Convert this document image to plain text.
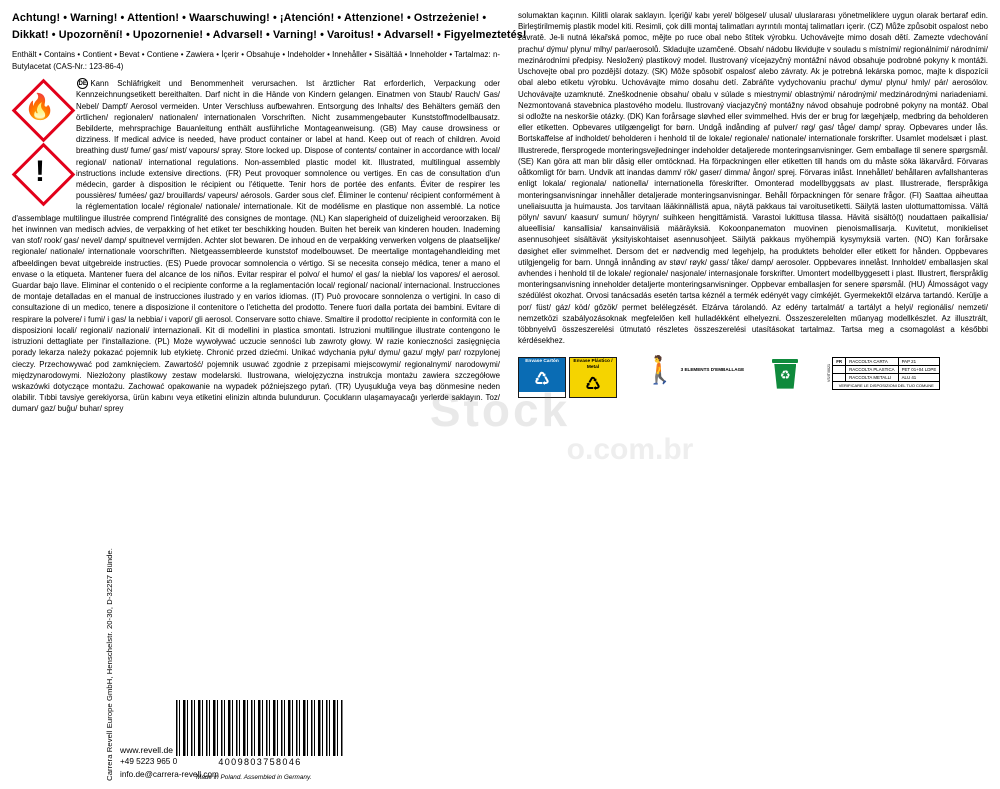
Achtung! • Warning! • Attention! • Waarschuwing! • ¡Atención! • Attenzione! • Ostrzeżenie! •
Dikkat! • Upozornění! • Upozornenie! • Advarsel! • Varning! • Varoitus! • Advarsel! • Figyelmeztetés!
Enthält • Contains • Contient • Bevat • Contiene • Zawiera • İçerir • Obsahuje • Indeholder • Innehåller • Sisältää • Inneholder • Tartalmaz: n-Butylacetat (CAS-Nr.: 123-86-4)
🔥
!
DE Kann Schläfrigkeit und Benommenheit verursachen. Ist ärztlicher Rat erforderlich, Verpackung oder Kennzeichnungsetikett bereithalten. Darf nicht in die Hände von Kindern gelangen. Einatmen von Staub/ Rauch/ Gas/ Nebel/ Dampf/ Aerosol vermeiden. Unter Verschluss aufbewahren. Entsorgung des Inhalts/ des Behälters gemäß den örtlichen/ regionalen/ nationalen/ internationalen Vorschriften. Nicht zusammengebauter Kunststoffmodellbausatz. Bebilderte, mehrsprachige Bauanleitung enthält ausführliche Montageanweisung. (GB) May cause drowsiness or dizziness. If medical advice is needed, have product container or label at hand. Keep out of reach of children. Avoid breathing dust/ fume/ gas/ mist/ vapours/ spray. Store locked up. Dispose of contents/ container in accordance with local/ regional/ national/ international regulations. Non-assembled plastic model kit. Illustrated, multilingual assembly instructions include extensive directions. (FR) Peut provoquer somnolence ou vertiges. En cas de consultation d'un médecin, garder à disposition le récipient ou l'étiquette. Tenir hors de portée des enfants. Éviter de respirer les poussières/ fumées/ gaz/ brouillards/ vapeurs/ aérosols. Garder sous clef. Éliminer le contenu/ récipient conformément à la réglementation locale/ régionale/ nationale/ internationale. Kit de modélisme en plastique non assemblé. La notice d'assemblage multilingue illustrée comprend l'intégralité des consignes de montage. (NL) Kan slaperigheid of duizeligheid veroorzaken. Bij het inwinnen van medisch advies, de verpakking of het etiket ter beschikking houden. Buiten het bereik van kinderen houden. Inademing van stof/ rook/ gas/ nevel/ damp/ spuitnevel vermijden. Achter slot bewaren. De inhoud en de verpakking verwerken volgens de plaatselijke/ regionale/ nationale/ internationale voorschriften. Nietgeassembleerde kunststof modelbouwset. De meertalige montagehandleiding met afbeeldingen bevat uitgebreide instructies. (ES) Puede provocar somnolencia o vértigo. Si se necesita consejo médica, tener a mano el envase o la etiqueta. Mantener fuera del alcance de los niños. Evitar respirar el polvo/ el humo/ el gas/ la niebla/ los vapores/ el aerosol. Guardar bajo llave. Eliminar el contenido o el recipiente conforme a la reglamentación local/ regional/ nacional/ internacional. Instrucciones de montaje detalladas en el manual de instrucciones ilustrado y en varios idiomas. (IT) Può provocare sonnolenza o vertigini. In caso di consultazione di un medico, tenere a disposizione il contenitore o l'etichetta del prodotto. Tenere fuori dalla portata dei bambini. Evitare di respirare la polvere/ i fumi/ i gas/ la nebbia/ i vapori/ gli aerosol. Conservare sotto chiave. Smaltire il prodotto/ recipiente in conformità con le disposizioni locali/ regionali/ nazionali/ internazionali. Kit di modellini in plastica smontati. Istruzioni multilingue illustrate contengono le istruzioni dettagliate per l'installazione. (PL) Może wywoływać uczucie senności lub zawroty głowy. W razie konieczności zasięgnięcia porady lekarza należy pokazać pojemnik lub etykietę. Chronić przed dziećmi. Unikać wdychania pyłu/ dymu/ gazu/ mgły/ par/ rozpylonej cieczy. Przechowywać pod zamknięciem. Zawartość/ pojemnik usuwać zgodnie z przepisami miejscowymi/ regionalnymi/ narodowymi/ międzynarodowymi. Niezłożony plastikowy zestaw modelarski. Ilustrowana, wielojęzyczna instrukcja montażu zawiera szczegółowe wskazówki dotyczące montażu. Zachować opakowanie na wypadek późniejszego pytań. (TR) Uyuşukluğa veya baş dönmesine neden olabilir. Tıbbi tavsiye gerekiyorsa, ürün kabını veya etiketini elinizin altında bulundurun. Çocukların ulaşamayacağı yerlerde saklayın. Toz/ duman/ gaz/ buğu/ buhar/ sprey
solumaktan kaçının. Kilitli olarak saklayın. İçeriği/ kabı yerel/ bölgesel/ ulusal/ uluslararası yönetmeliklere uygun olarak bertaraf edin. Birleştirilmemiş plastik model kiti. Resimli, çok dilli montaj talimatları ayrıntılı montaj talimatları içerir. (CZ) Může způsobit ospalost nebo závratě. Je-li nutná lékařská pomoc, mějte po ruce obal nebo štítek výrobku. Uchovávejte mimo dosah dětí. Zamezte vdechování prachu/ dýmu/ plynu/ mlhy/ par/aerosolů. Skladujte uzamčené. Obsah/ nádobu likvidujte v souladu s místními/ regionálními/ národními/ mezinárodními předpisy. Nesložený plastikový model. Ilustrovaný vícejazyčný montážní návod obsahuje podrobné pokyny k montáži. Uschovejte obal pro pozdější dotazy. (SK) Môže spôsobiť ospalosť alebo závraty. Ak je potrebná lekárska pomoc, majte k dispozícii obal alebo etiketu výrobku. Uchovávajte mimo dosahu detí. Zabráňte vydychovaniu prachu/ dymu/ plynu/ hmly/ pár/ aerosólov. Uchovávajte uzamknuté. Zneškodnenie obsahu/ obalu v súlade s miestnymi/ oblastnými/ národnými/ medzinárodnými nariadeniami. Nezmontovaná stavebnica plastového modelu. Ilustrovaný viacjazyčný montážny návod obsahuje podrobné pokyny na montáž. Obal si odložte na neskoršie otázky. (DK) Kan forårsage sløvhed eller svimmelhed. Hvis der er brug for lægehjælp, medbring da beholderen eller etiketten. Opbevares utilgængeligt for børn. Undgå indånding af pulver/ røg/ gas/ tåge/ damp/ spray. Opbevares under lås. Bortskaffelse af indholdet/ beholderen i henhold til de lokale/ regionale/ nationale/ internationale forskrifter. Usamlet modelsæt i plast. Illustrerede, flersprogede monteringsvejledninger indeholder detaljerede monteringsanvisninger. Gem emballage til senere spørgsmål. (SE) Kan göra att man blir dåsig eller omtöcknad. Ha förpackningen eller etiketten till hands om du måste söka läkarvård. Förvaras oåtkomligt för barn. Undvik att inandas damm/ rök/ gaser/ dimma/ ångor/ sprej. Förvaras inlåst. Innehållet/ behållaren avfallshanteras enligt lokala/ regionala/ nationella/ internationella föreskrifter. Omonterad modellbyggsats av plast. Illustrerade, flerspråkiga monteringsanvisningar innehåller detaljerade monteringsanvisningar. Behåll förpackningen för senare frågor. (FI) Saattaa aiheuttaa uneliaisuutta ja huimausta. Jos tarvitaan lääkinnällistä apua, näytä pakkaus tai varoitusetiketti. Säilytä lasten ulottumattomissa. Vältä pölyn/ savun/ kaasun/ sumun/ höyryn/ suihkeen hengittämistä. Varastoi lukittusa tilassa. Hävitä sisältö(t) noudattaen paikallisia/ alueellisia/ kansallisia/ kansainvälisiä määräyksiä. Kokoonpanematon muovinen pienoismallisarja. Kuvitetut, monikieliset asennusohjeet sisältävät yksityiskohtaiset asennusohjeet. Säilytä pakkaus myöhempiä kysymyksiä varten. (NO) Kan forårsake døsighet eller svimmelhet. Dersom det er nødvendig med legehjelp, ha produktets beholder eller etikett for hånden. Oppbevares utilgjengelig for barn. Unngå innånding av støv/ røyk/ gass/ tåke/ damp/ aerosoler. Oppbevares innelåst. Innholdet/ emballasjen skal avhendes i henhold til de lokale/ regionale/ nasjonale/ internasjonale forskrifter. Umontert modellbyggesett i plast. Illustrert, flerspråklig monteringsanvisning inneholder detaljerte monteringsanvisninger. Oppbevar emballasjen for senere spørsmål. (HU) Álmosságot vagy szédülést okozhat. Orvosi tanácsadás esetén tartsa kéznél a termék edényét vagy címkéjét. Gyermekektől elzárva tartandó. Kerülje a por/ füst/ gáz/ köd/ gőzök/ permet belélegzését. Elzárva tárolandó. Az edény tartalmát/ a tartályt a helyi/ regionális/ nemzeti/ nemzetközi szabályozásoknak megfelelően kell hulladékként elhelyezni. Összeszerelelten műanyag modellkészlet. Az illusztrált, többnyelvű összeszerelési útmutató részletes összeszerelési utasításokat tartalmaz. Tartsa meg a csomagolást a későbbi kérdésekhez.
Envase Cartón
♺
Envase Plástico / Metal
♺ 🚶 3 ELEMENTS D'EMBALLAGE	♻	VS/IT/0021
FR	RACCOLTA CARTA	PAP 21
	RACCOLTA PLASTICA	PET 01+04 LDPE
	RACCOLTA METALLI	ALU 41
VERIFICARE LE DISPOSIZIONI DEL TUO COMUNE
www.revell.de
+49 5223 965 0
info.de@carrera-revell.com
Carrera Revell Europe GmbH, Henschelstr. 20-30, D-32257 Bünde.	4009803758046
Made in Poland. Assembled in Germany.
Stock
o.com.br
